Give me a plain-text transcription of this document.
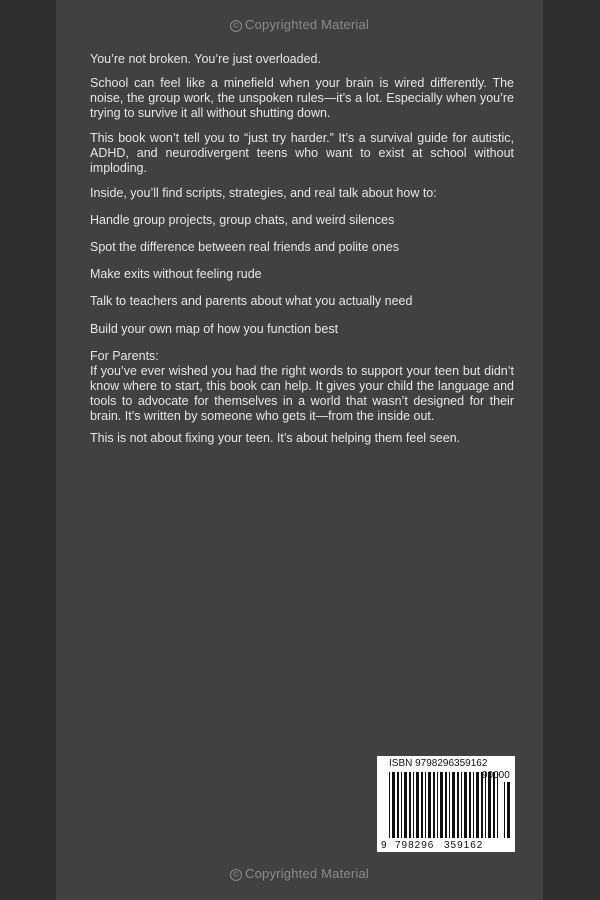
© Copyrighted Material
© Copyrighted Material

You’re not broken. You’re just overloaded.

School can feel like a minefield when your brain is wired differently. The noise, the group work, the unspoken rules—it’s a lot. Especially when you’re trying to survive it all without shutting down.

This book won’t tell you to “just try harder.” It’s a survival guide for autistic, ADHD, and neurodivergent teens who want to exist at school without imploding.

Inside, you’ll find scripts, strategies, and real talk about how to:

Handle group projects, group chats, and weird silences

Spot the difference between real friends and polite ones

Make exits without feeling rude

Talk to teachers and parents about what you actually need

Build your own map of how you function best

For Parents:

If you’ve ever wished you had the right words to support your teen but didn’t know where to start, this book can help. It gives your child the language and tools to advocate for themselves in a world that wasn’t designed for their brain. It’s written by someone who gets it—from the inside out.

This is not about fixing your teen. It’s about helping them feel seen.

9 798296 359162
ISBN 9798296359162
90000
